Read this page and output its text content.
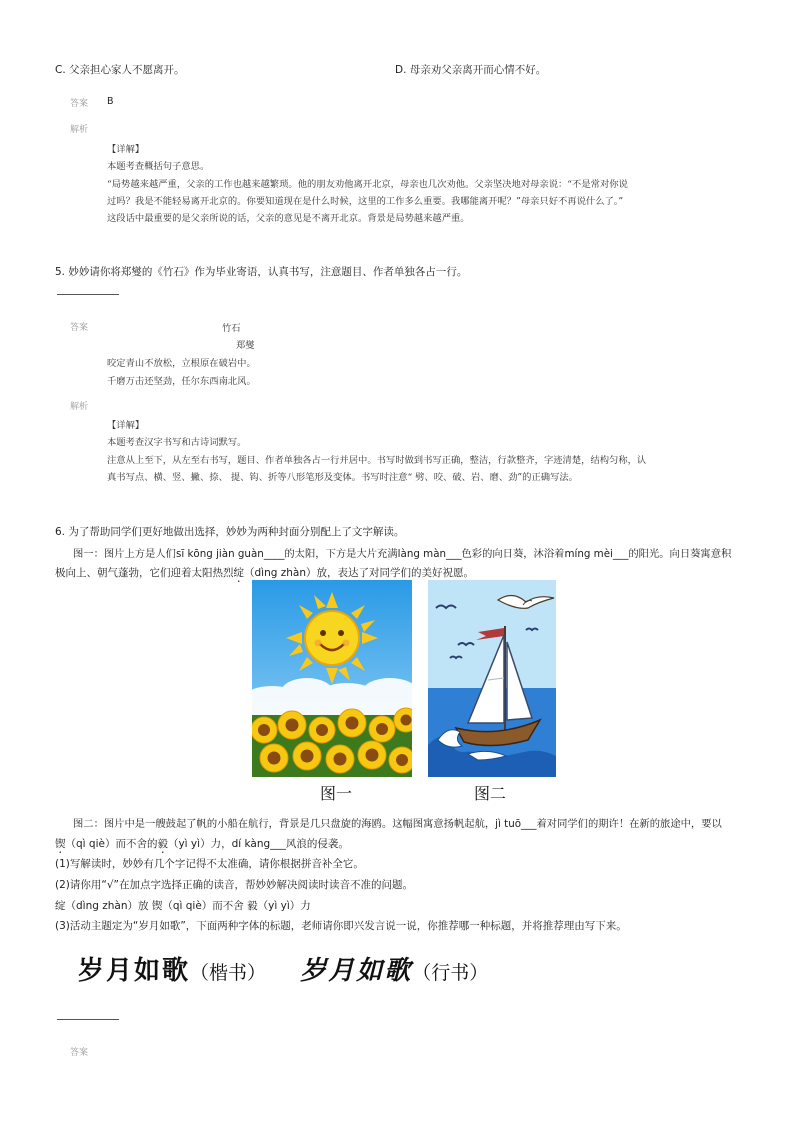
C. 父亲担心家人不愿离开。	D. 母亲劝父亲离开而心情不好。
答案 B
解析
【详解】
本题考查概括句子意思。
“局势越来越严重，父亲的工作也越来越繁琐。他的朋友劝他离开北京，母亲也几次劝他。父亲坚决地对母亲说：“不是常对你说
过吗？我是不能轻易离开北京的。你要知道现在是什么时候，这里的工作多么重要。我哪能离开呢？”母亲只好不再说什么了。”
这段话中最重要的是父亲所说的话，父亲的意见是不离开北京。背景是局势越来越严重。
5. 妙妙请你将郑燮的《竹石》作为毕业寄语，认真书写，注意题目、作者单独各占一行。
答案	竹石
郑燮
咬定青山不放松，立根原在破岩中。
千磨万击还坚劲，任尔东西南北风。
解析
【详解】
本题考查汉字书写和古诗词默写。
注意从上至下，从左至右书写，题目、作者单独各占一行并居中。书写时做到书写正确，整洁，行款整齐，字迹清楚，结构匀称，认
真书写点、横、竖、撇、捺、 提、钩、折等八形笔形及变体。书写时注意“ 劈、咬、破、岩、磨、劲”的正确写法。
6. 为了帮助同学们更好地做出选择，妙妙为两种封面分别配上了文字解读。
图一：图片上方是人们sī kōng jiàn guàn____的太阳，下方是大片充满làng màn___色彩的向日葵，沐浴着míng mèi___的阳光。向日葵寓意积
极向上、朝气蓬勃，它们迎着太阳热烈绽（dìng zhàn）放，表达了对同学们的美好祝愿。
图一	图二
图二：图片中是一艘鼓起了帆的小船在航行，背景是几只盘旋的海鸥。这幅图寓意扬帆起航，jì tuō___着对同学们的期许！在新的旅途中，要以
锲（qì qiè）而不舍的毅（yì yì）力，dí kàng___风浪的侵袭。
(1)写解读时，妙妙有几个字记得不太准确，请你根据拼音补全它。
(2)请你用“√”在加点字选择正确的读音，帮妙妙解决阅读时读音不准的问题。
绽（dìng zhàn）放 锲（qì qiè）而不舍 毅（yì yì）力
(3)活动主题定为“岁月如歌”，下面两种字体的标题，老师请你即兴发言说一说，你推荐哪一种标题，并将推荐理由写下来。
岁月如歌（楷书） 岁月如歌（行书）
答案
